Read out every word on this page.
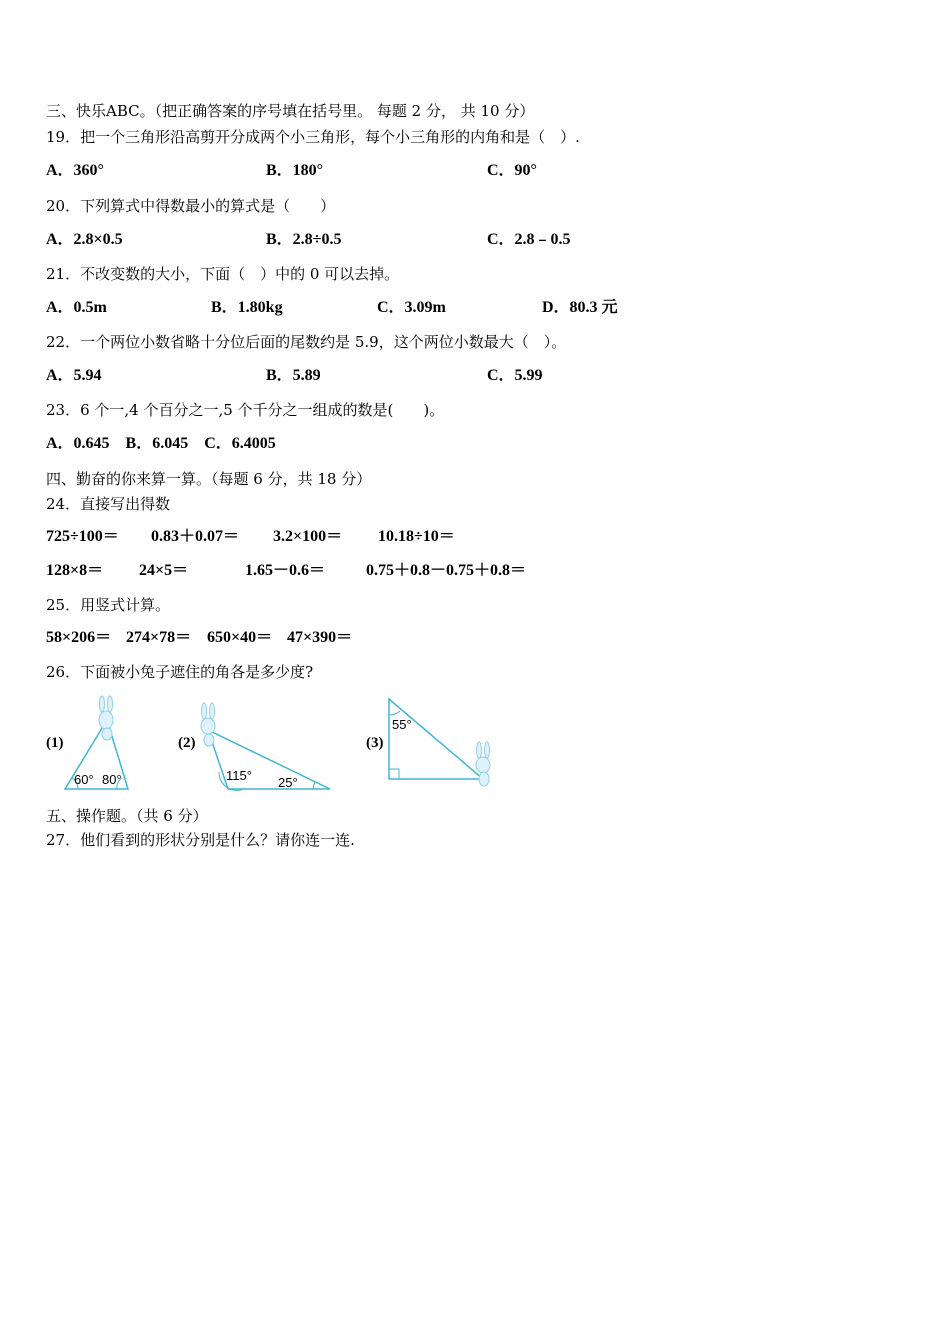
三、快乐ABC。（把正确答案的序号填在括号里。 每题 2 分， 共 10 分）
19．把一个三角形沿高剪开分成两个小三角形，每个小三角形的内角和是（　）.
A．360°	B．180°	C．90°
20．下列算式中得数最小的算式是（　　）
A．2.8×0.5	B．2.8÷0.5	C．2.8﹣0.5
21．不改变数的大小，下面（　）中的 0 可以去掉。
A．0.5m	B．1.80kg	C．3.09m	D．80.3 元
22．一个两位小数省略十分位后面的尾数约是 5.9，这个两位小数最大（　）。
A．5.94	B．5.89	C．5.99
23．6 个一,4 个百分之一,5 个千分之一组成的数是(　　)。
A．0.645　B．6.045　C．6.4005
四、勤奋的你来算一算。（每题 6 分，共 18 分）
24．直接写出得数
725÷100＝ 0.83＋0.07＝ 3.2×100＝ 10.18÷10＝
128×8＝ 24×5＝	1.65－0.6＝	0.75＋0.8－0.75＋0.8＝
25．用竖式计算。
58×206＝ 274×78＝ 650×40＝ 47×390＝
26．下面被小兔子遮住的角各是多少度?
(1)	(2)	(3)
60° 80°	115° 25°
55°
五、操作题。（共 6 分）
27．他们看到的形状分别是什么？请你连一连.
